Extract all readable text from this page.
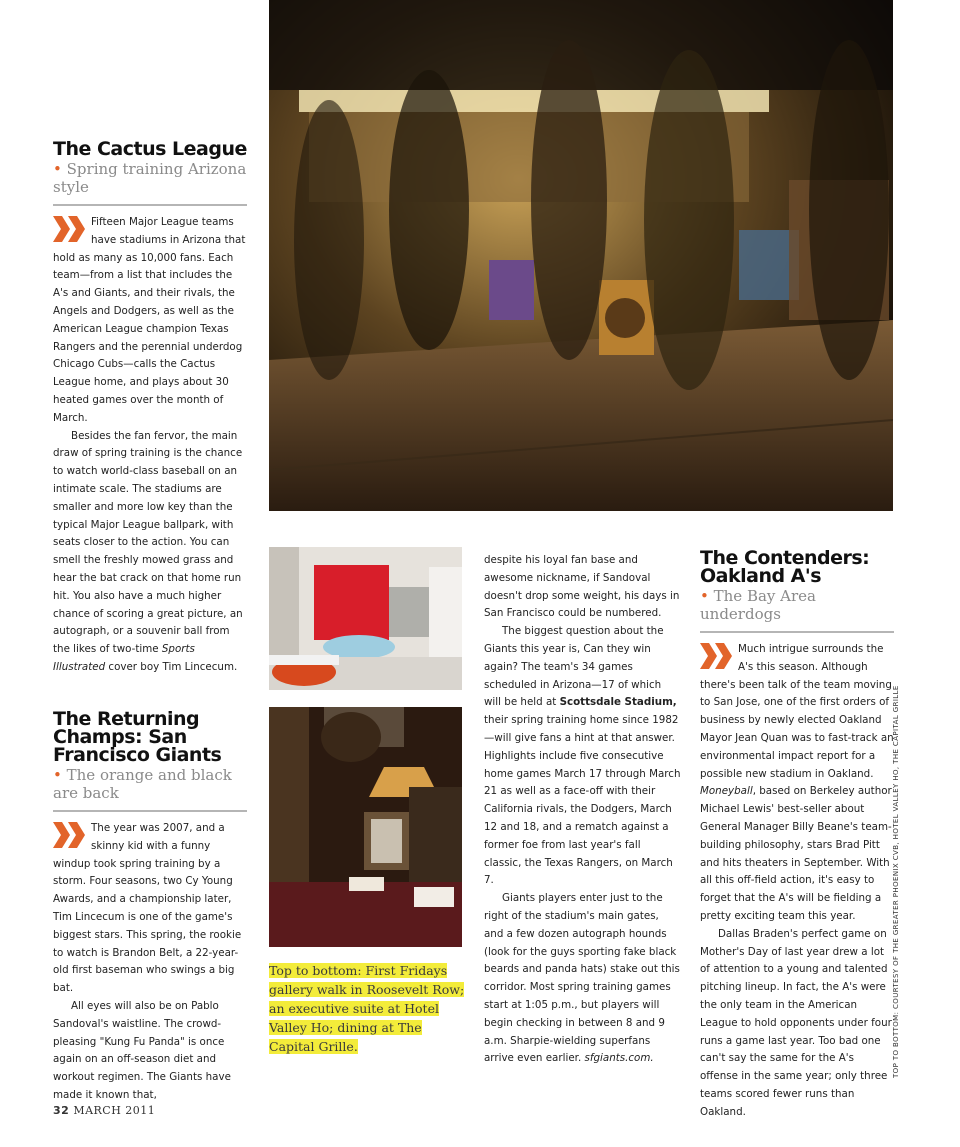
The Cactus League
• Spring training Arizona style

Fifteen Major League teams have stadiums in Arizona that hold as many as 10,000 fans. Each team—from a list that includes the A's and Giants, and their rivals, the Angels and Dodgers, as well as the American League champion Texas Rangers and the perennial underdog Chicago Cubs—calls the Cactus League home, and plays about 30 heated games over the month of March.

Besides the fan fervor, the main draw of spring training is the chance to watch world-class baseball on an intimate scale. The stadiums are smaller and more low key than the typical Major League ballpark, with seats closer to the action. You can smell the freshly mowed grass and hear the bat crack on that home run hit. You also have a much higher chance of scoring a great picture, an autograph, or a souvenir ball from the likes of two-time Sports Illustrated cover boy Tim Lincecum.

The Returning Champs: San Francisco Giants
• The orange and black are back

The year was 2007, and a skinny kid with a funny windup took spring training by a storm. Four seasons, two Cy Young Awards, and a championship later, Tim Lincecum is one of the game's biggest stars. This spring, the rookie to watch is Brandon Belt, a 22-year-old first baseman who swings a big bat.

All eyes will also be on Pablo Sandoval's waistline. The crowd-pleasing "Kung Fu Panda" is once again on an off-season diet and workout regimen. The Giants have made it known that,

Top to bottom: First Fridays gallery walk in Roosevelt Row; an executive suite at Hotel Valley Ho; dining at The Capital Grille.

despite his loyal fan base and awesome nickname, if Sandoval doesn't drop some weight, his days in San Francisco could be numbered.

The biggest question about the Giants this year is, Can they win again? The team's 34 games scheduled in Arizona—17 of which will be held at Scottsdale Stadium, their spring training home since 1982—will give fans a hint at that answer. Highlights include five consecutive home games March 17 through March 21 as well as a face-off with their California rivals, the Dodgers, March 12 and 18, and a rematch against a former foe from last year's fall classic, the Texas Rangers, on March 7.

Giants players enter just to the right of the stadium's main gates, and a few dozen autograph hounds (look for the guys sporting fake black beards and panda hats) stake out this corridor. Most spring training games start at 1:05 p.m., but players will begin checking in between 8 and 9 a.m. Sharpie-wielding superfans arrive even earlier. sfgiants.com.

The Contenders: Oakland A's
• The Bay Area underdogs

Much intrigue surrounds the A's this season. Although there's been talk of the team moving to San Jose, one of the first orders of business by newly elected Oakland Mayor Jean Quan was to fast-track an environmental impact report for a possible new stadium in Oakland. Moneyball, based on Berkeley author Michael Lewis' best-seller about General Manager Billy Beane's team-building philosophy, stars Brad Pitt and hits theaters in September. With all this off-field action, it's easy to forget that the A's will be fielding a pretty exciting team this year.

Dallas Braden's perfect game on Mother's Day of last year drew a lot of attention to a young and talented pitching lineup. In fact, the A's were the only team in the American League to hold opponents under four runs a game last year. Too bad one can't say the same for the A's offense in the same year; only three teams scored fewer runs than Oakland.

TOP TO BOTTOM: COURTESY OF THE GREATER PHOENIX CVB, HOTEL VALLEY HO, THE CAPITAL GRILLE
32 MARCH 2011
